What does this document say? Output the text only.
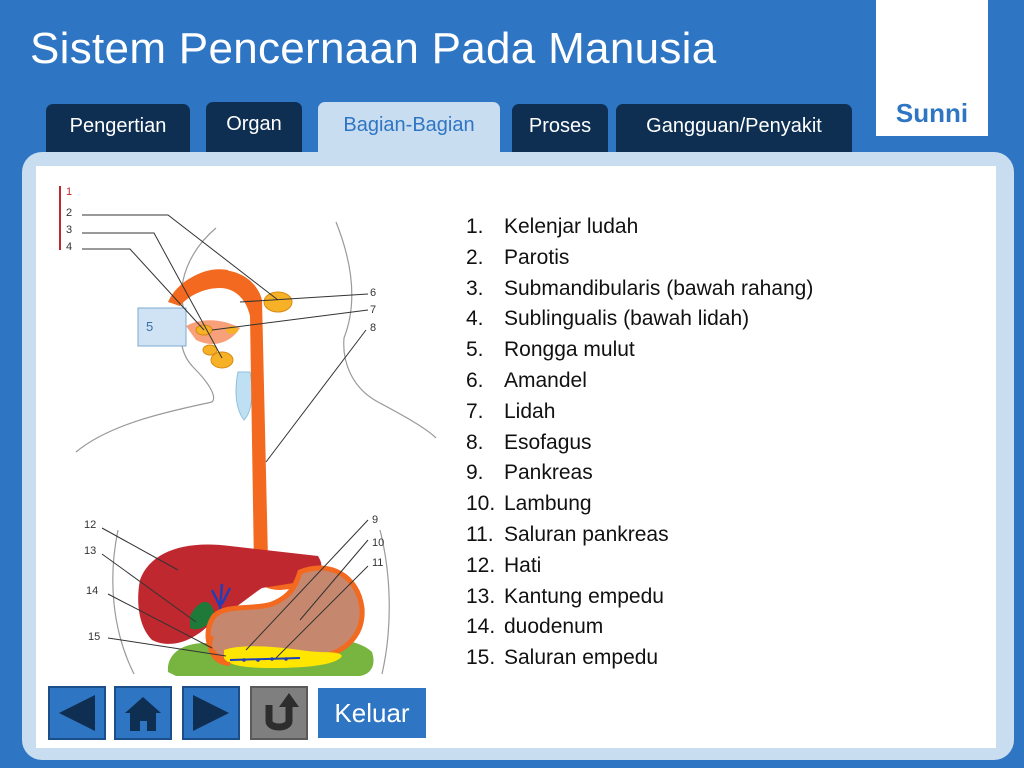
Sistem Pencernaan Pada Manusia
Sunni
Pengertian	Organ	Bagian-Bagian	Proses	Gangguan/Penyakit
1
2
3
4
5
6
7
8
9
10
11
12
13
14
15
1. Kelenjar ludah
2. Parotis
3. Submandibularis (bawah rahang)
4. Sublingualis (bawah lidah)
5. Rongga mulut
6. Amandel
7. Lidah
8. Esofagus
9. Pankreas
10. Lambung
11. Saluran pankreas
12. Hati
13. Kantung empedu
14. duodenum
15. Saluran empedu
Keluar
